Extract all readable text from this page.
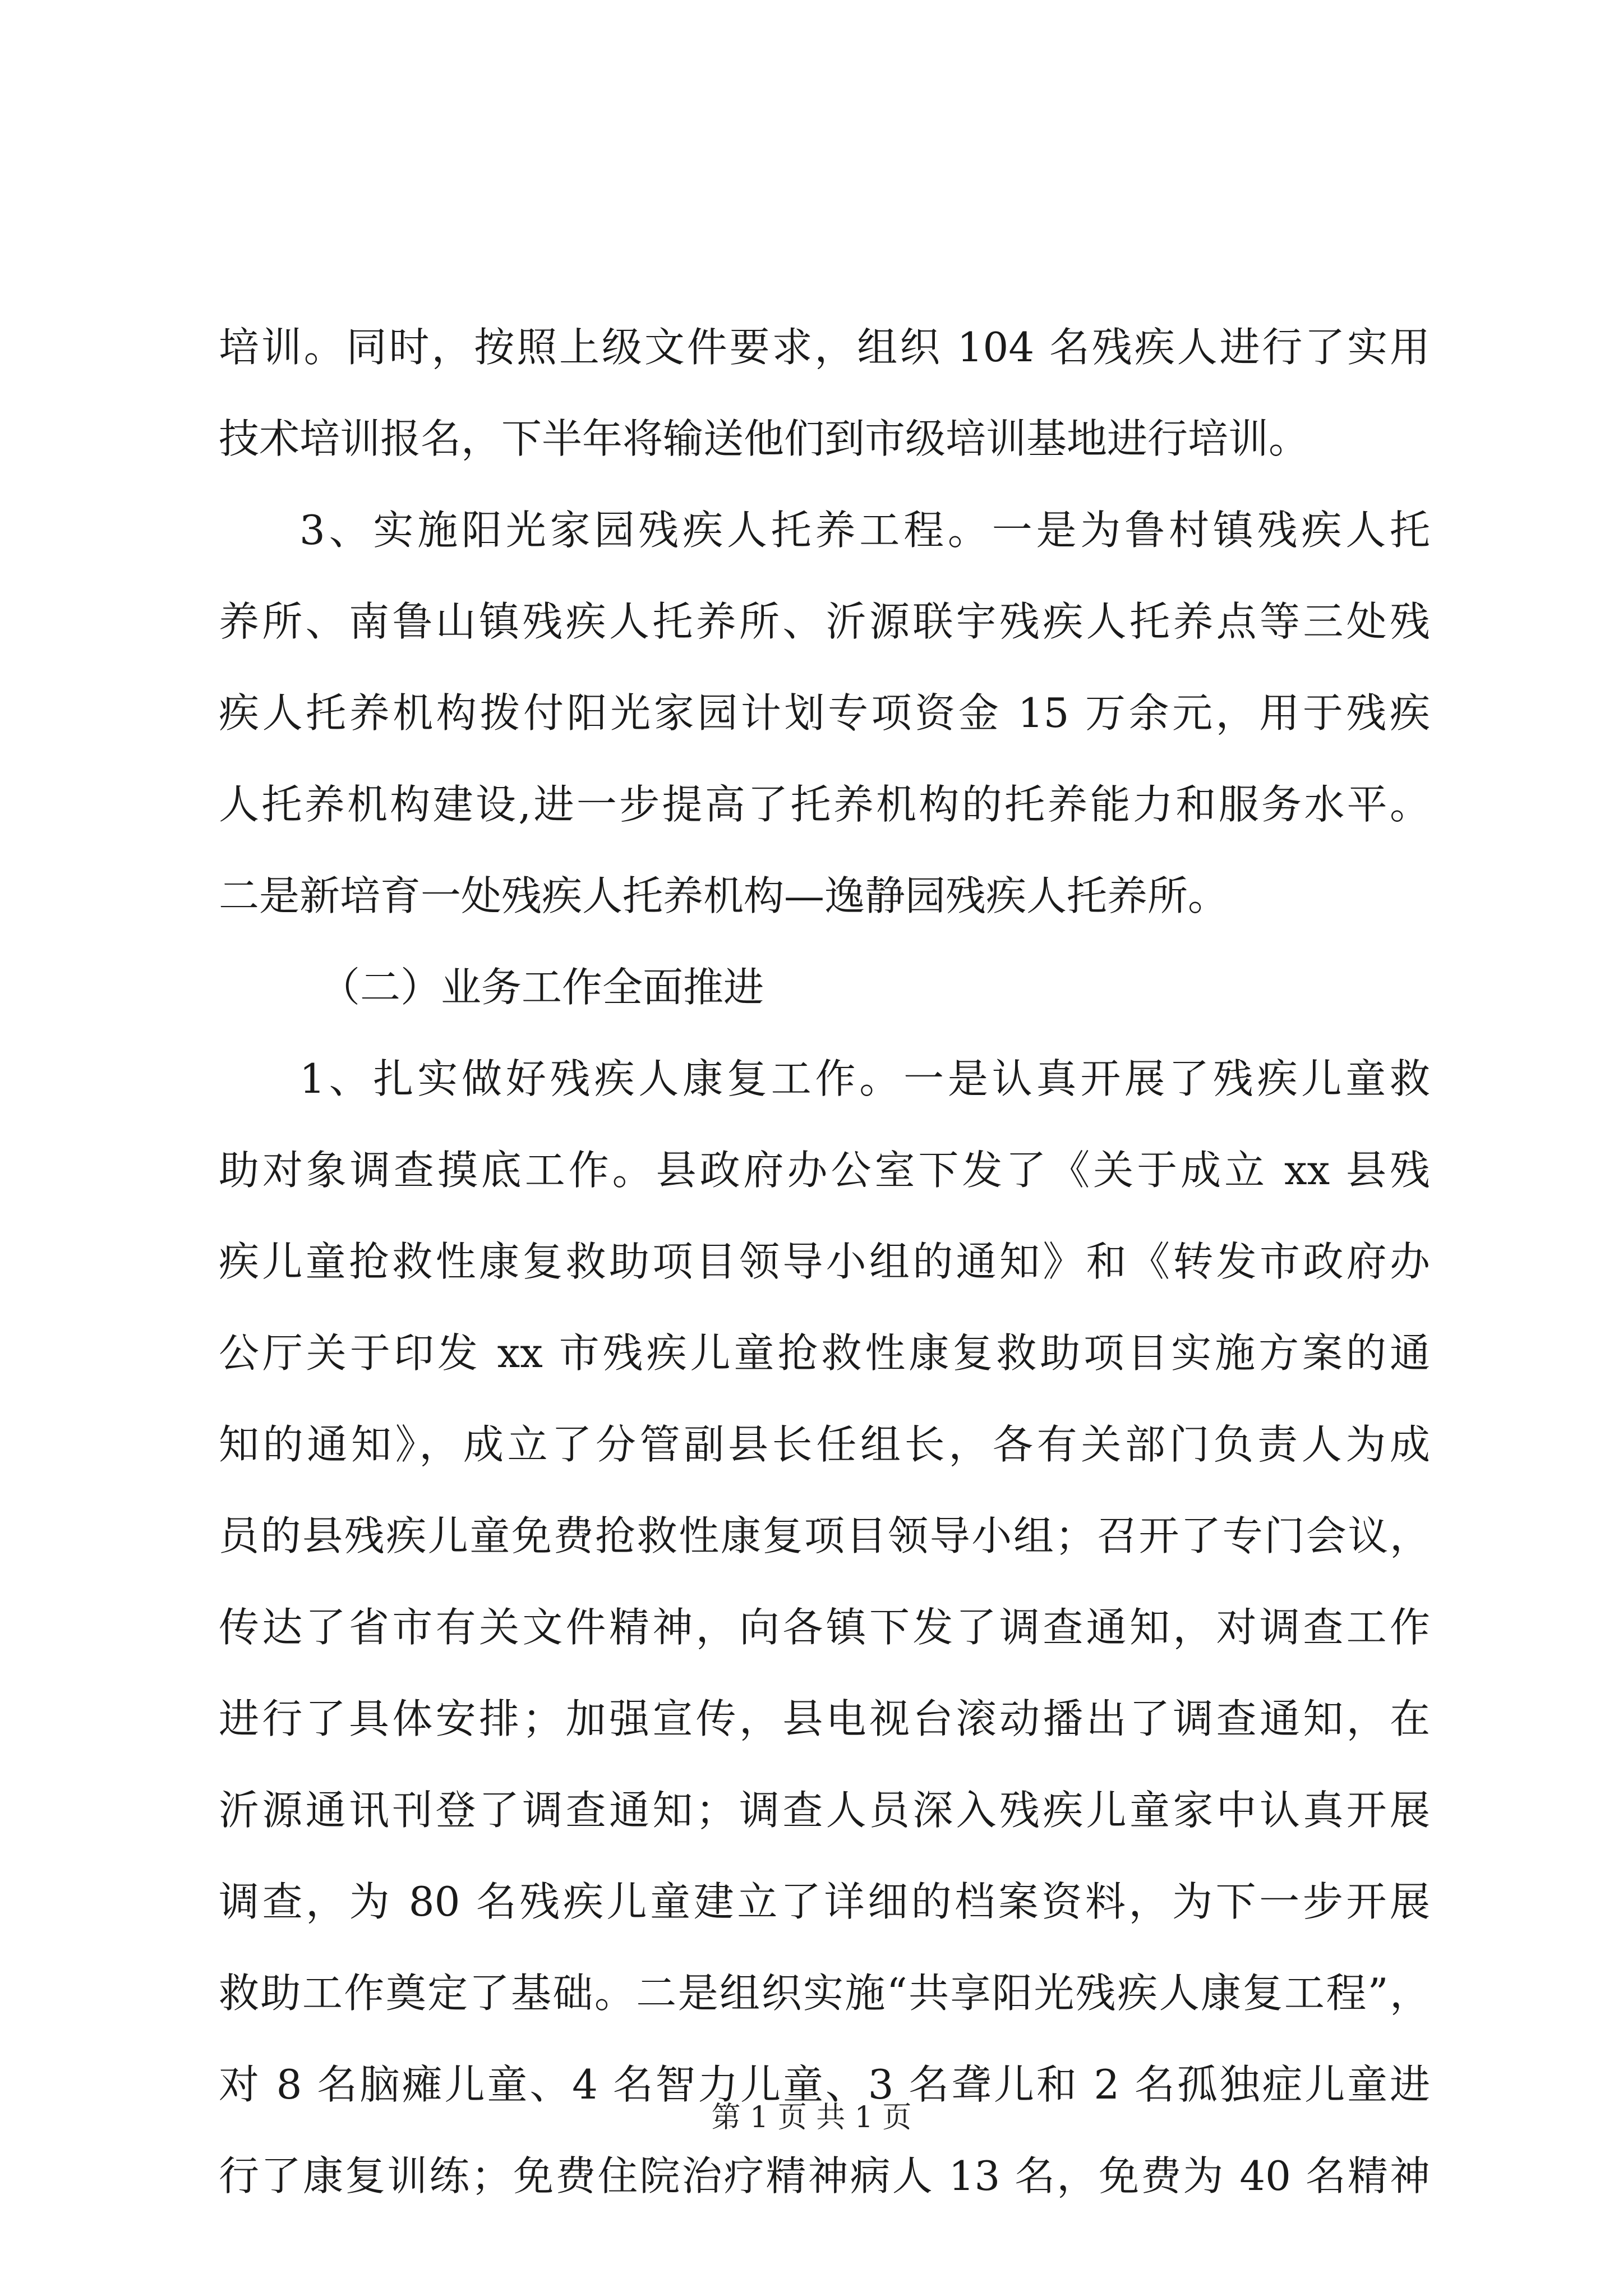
培训。同时，按照上级文件要求，组织 104 名残疾人进行了实用
技术培训报名，下半年将输送他们到市级培训基地进行培训。
3、实施阳光家园残疾人托养工程。一是为鲁村镇残疾人托
养所、南鲁山镇残疾人托养所、沂源联宇残疾人托养点等三处残
疾人托养机构拨付阳光家园计划专项资金 15 万余元，用于残疾
人托养机构建设,进一步提高了托养机构的托养能力和服务水平。
二是新培育一处残疾人托养机构—逸静园残疾人托养所。
（二）业务工作全面推进
1、扎实做好残疾人康复工作。一是认真开展了残疾儿童救
助对象调查摸底工作。县政府办公室下发了《关于成立 xx 县残
疾儿童抢救性康复救助项目领导小组的通知》和《转发市政府办
公厅关于印发 xx 市残疾儿童抢救性康复救助项目实施方案的通
知的通知》，成立了分管副县长任组长，各有关部门负责人为成
员的县残疾儿童免费抢救性康复项目领导小组；召开了专门会议，
传达了省市有关文件精神，向各镇下发了调查通知，对调查工作
进行了具体安排；加强宣传，县电视台滚动播出了调查通知，在
沂源通讯刊登了调查通知；调查人员深入残疾儿童家中认真开展
调查，为 80 名残疾儿童建立了详细的档案资料，为下一步开展
救助工作奠定了基础。二是组织实施“共享阳光残疾人康复工程”，
对 8 名脑瘫儿童、4 名智力儿童、3 名聋儿和 2 名孤独症儿童进
行了康复训练；免费住院治疗精神病人 13 名，免费为 40 名精神
第 1 页 共 1 页
